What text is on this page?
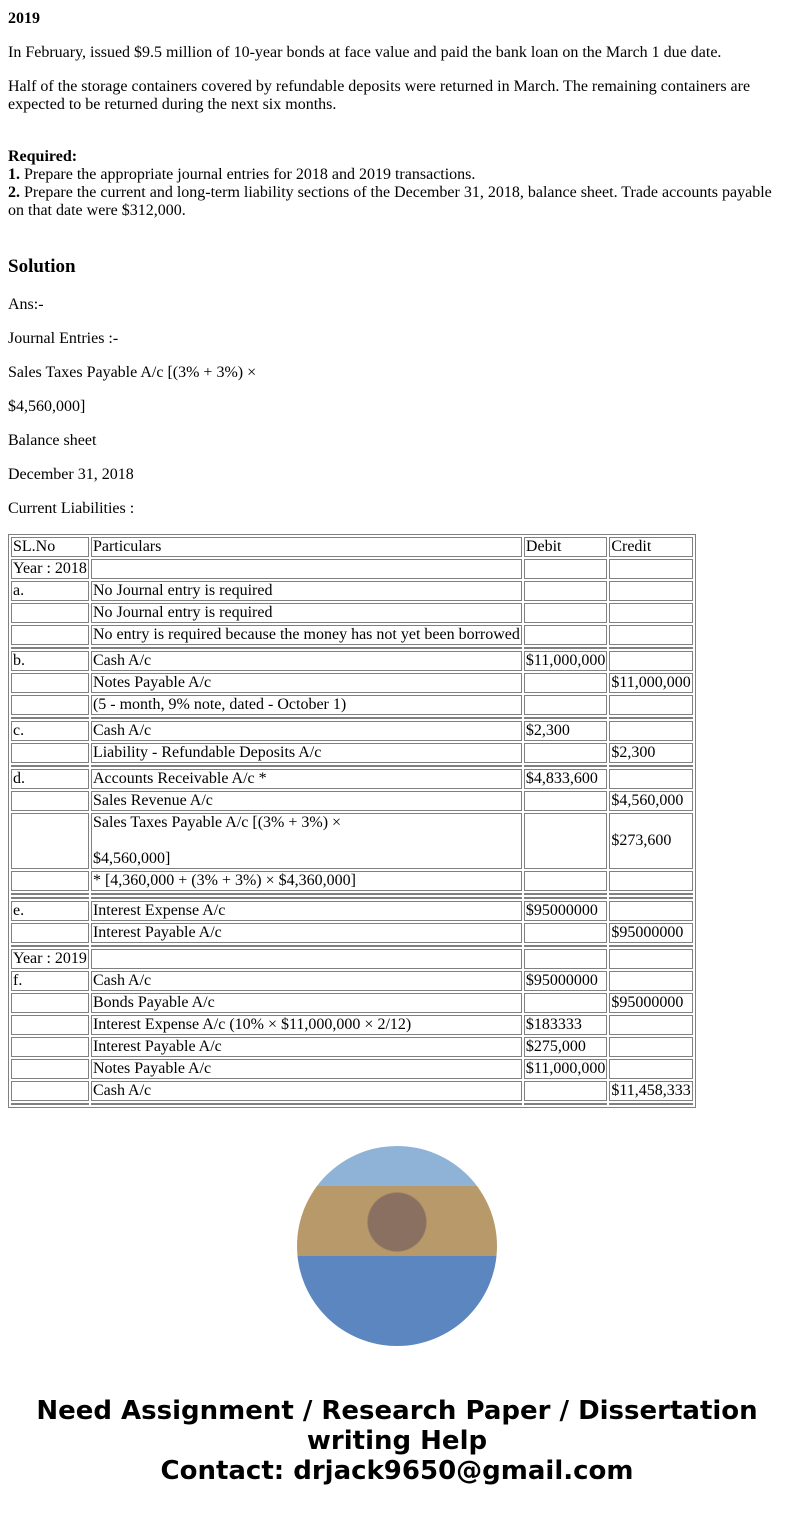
2019

In February, issued $9.5 million of 10-year bonds at face value and paid the bank loan on the March 1 due date.

Half of the storage containers covered by refundable deposits were returned in March. The remaining containers are expected to be returned during the next six months.

Required:
1. Prepare the appropriate journal entries for 2018 and 2019 transactions.
2. Prepare the current and long-term liability sections of the December 31, 2018, balance sheet. Trade accounts payable on that date were $312,000.
Solution

Ans:-

Journal Entries :-

Sales Taxes Payable A/c [(3% + 3%) ×

$4,560,000]

Balance sheet

December 31, 2018

Current Liabilities :

SL.No	Particulars	Debit	Credit
Year : 2018			
a.	No Journal entry is required		
	No Journal entry is required		
	No entry is required because the money has not yet been borrowed		

b.	Cash A/c	$11,000,000	
	Notes Payable A/c		$11,000,000
	(5 - month, 9% note, dated - October 1)		

c.	Cash A/c	$2,300	
	Liability - Refundable Deposits A/c		$2,300

d.	Accounts Receivable A/c *	$4,833,600	
	Sales Revenue A/c		$4,560,000
	Sales Taxes Payable A/c [(3% + 3%) ×

$4,560,000]		$273,600
	* [4,360,000 + (3% + 3%) × $4,360,000]		

e.	Interest Expense A/c	$95000000	
	Interest Payable A/c		$95000000

Year : 2019			
f.	Cash A/c	$95000000	
	Bonds Payable A/c		$95000000
	Interest Expense A/c (10% × $11,000,000 × 2/12)	$183333	
	Interest Payable A/c	$275,000	
	Notes Payable A/c	$11,000,000	
	Cash A/c		$11,458,333

Need Assignment / Research Paper / Dissertation writing Help
Contact: drjack9650@gmail.com
